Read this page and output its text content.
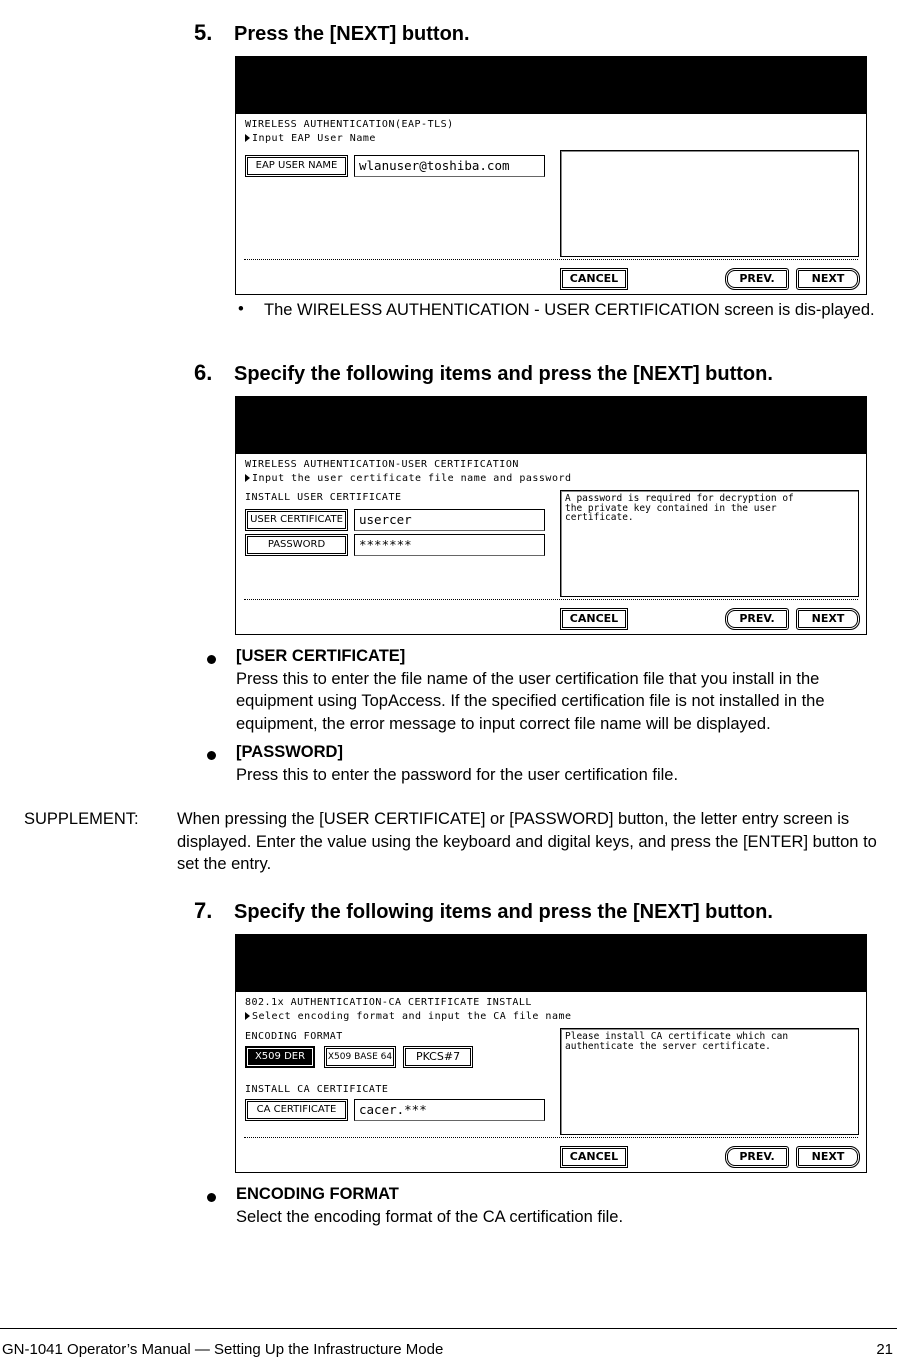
5. Press the [NEXT] button.
WIRELESS AUTHENTICATION(EAP-TLS)
Input EAP User Name
EAP USER NAME	wlanuser@toshiba.com
CANCEL	PREV.	NEXT
• The WIRELESS AUTHENTICATION - USER CERTIFICATION screen is dis-played.
6. Specify the following items and press the [NEXT] button.
WIRELESS AUTHENTICATION-USER CERTIFICATION
Input the user certificate file name and password
INSTALL USER CERTIFICATE
USER CERTIFICATE	usercer
PASSWORD	*******
A password is required for decryption of
the private key contained in the user
certificate.
CANCEL	PREV.	NEXT
[USER CERTIFICATE]
Press this to enter the file name of the user certification file that you install in the equipment using TopAccess. If the specified certification file is not installed in the equipment, the error message to input correct file name will be displayed.
[PASSWORD]
Press this to enter the password for the user certification file.
SUPPLEMENT: When pressing the [USER CERTIFICATE] or [PASSWORD] button, the letter entry screen is displayed. Enter the value using the keyboard and digital keys, and press the [ENTER] button to set the entry.
7. Specify the following items and press the [NEXT] button.
802.1x AUTHENTICATION-CA CERTIFICATE INSTALL
Select encoding format and input the CA file name
ENCODING FORMAT
X509 DER	X509 BASE 64	PKCS#7
INSTALL CA CERTIFICATE
CA CERTIFICATE	cacer.***
Please install CA certificate which can
authenticate the server certificate.
CANCEL	PREV.	NEXT
ENCODING FORMAT
Select the encoding format of the CA certification file.
GN-1041 Operator’s Manual — Setting Up the Infrastructure Mode	21
